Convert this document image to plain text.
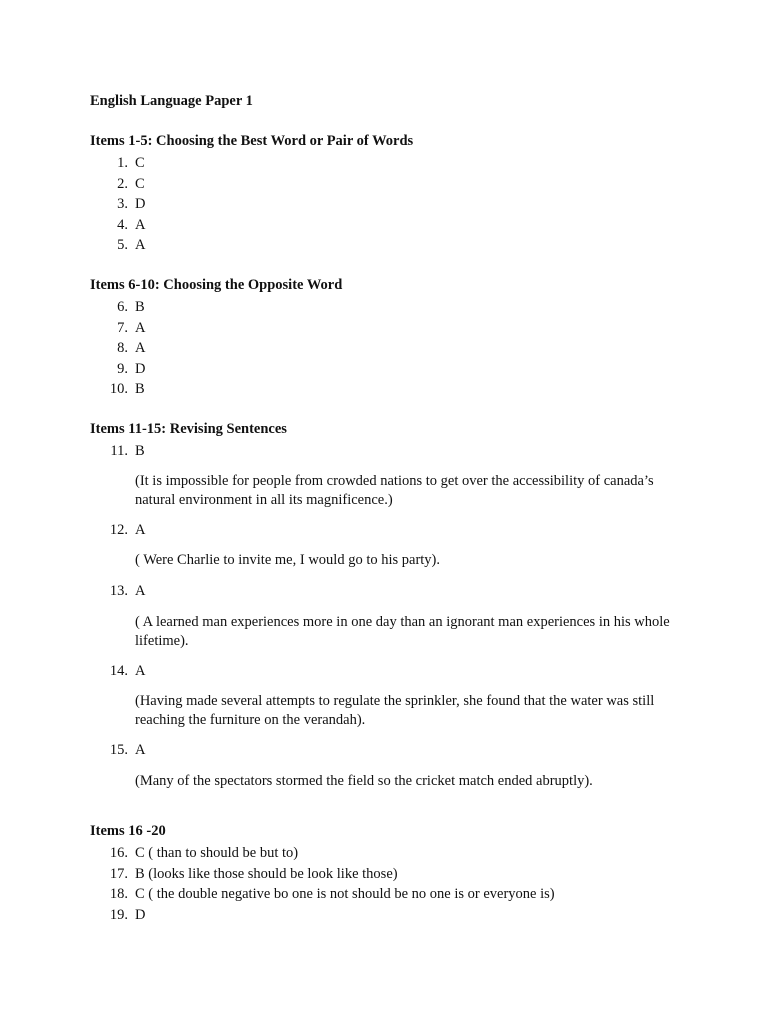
English Language Paper 1
Items 1-5: Choosing the Best Word or Pair of Words
1. C
2. C
3. D
4. A
5. A
Items 6-10: Choosing the Opposite Word
6. B
7. A
8. A
9. D
10. B
Items 11-15: Revising Sentences
11. B

(It is impossible for people from crowded nations to get over the accessibility of canada’s natural environment in all its magnificence.)

12. A

( Were Charlie to invite me, I would go to his party).

13. A

( A learned man experiences more in one day than an ignorant man experiences in his whole lifetime).

14. A

(Having made several attempts to regulate the sprinkler, she found that the water was still reaching the furniture on the verandah).

15. A

(Many of the spectators stormed the field so the cricket match ended abruptly).

Items 16 -20
16. C ( than to should be but to)
17. B (looks like those should be look like those)
18. C ( the double negative bo one is not should be no one is or everyone is)
19. D
